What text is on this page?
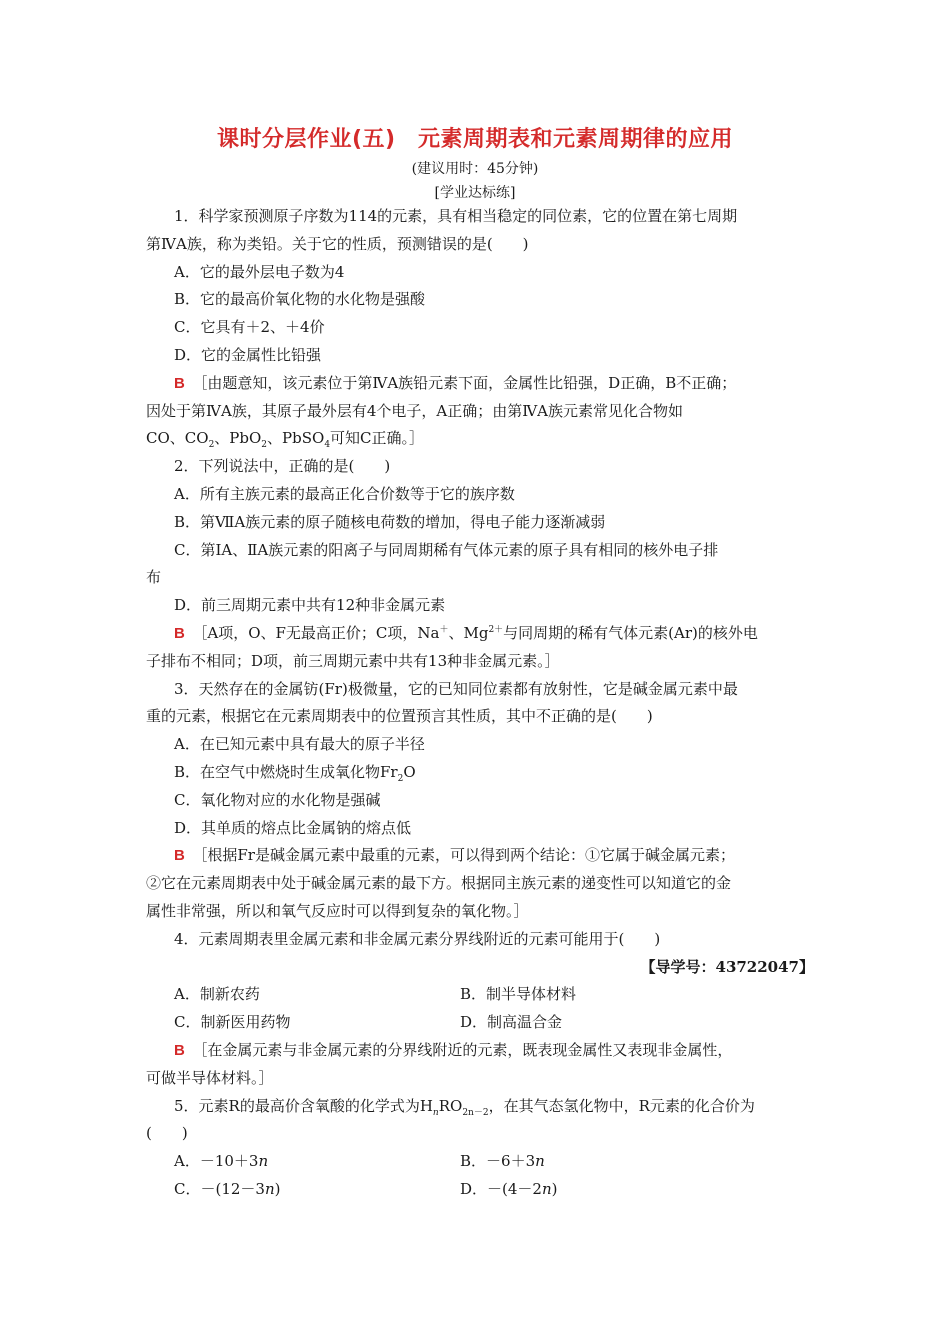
课时分层作业(五)　元素周期表和元素周期律的应用
(建议用时：45分钟)
[学业达标练]
1．科学家预测原子序数为114的元素，具有相当稳定的同位素，它的位置在第七周期
第ⅣA族，称为类铅。关于它的性质，预测错误的是(　　)
A．它的最外层电子数为4
B．它的最高价氧化物的水化物是强酸
C．它具有＋2、＋4价
D．它的金属性比铅强
B　 ［由题意知，该元素位于第ⅣA族铅元素下面，金属性比铅强，D正确，B不正确；
因处于第ⅣA族，其原子最外层有4个电子，A正确；由第ⅣA族元素常见化合物如
CO、$CO_2$、PbO$_2$、PbSO$_4$可知C正确。］
2．下列说法中，正确的是(　　)
A．所有主族元素的最高正化合价数等于它的族序数
B．第ⅦA族元素的原子随核电荷数的增加，得电子能力逐渐减弱
C．第ⅠA、ⅡA族元素的阳离子与同周期稀有气体元素的原子具有相同的核外电子排
布
D．前三周期元素中共有12种非金属元素
B　 ［A项，O、F无最高正价；C项，Na＋、$Mg^{2+}$与同周期的稀有气体元素(Ar)的核外电
子排布不相同；D项，前三周期元素中共有13种非金属元素。］
3．天然存在的金属钫(Fr)极微量，它的已知同位素都有放射性，它是碱金属元素中最
重的元素，根据它在元素周期表中的位置预言其性质，其中不正确的是(　　)
A．在已知元素中具有最大的原子半径
B．在空气中燃烧时生成氧化物$Fr_2O$
C．氧化物对应的水化物是强碱
D．其单质的熔点比金属钠的熔点低
B　 ［根据Fr是碱金属元素中最重的元素，可以得到两个结论：①它属于碱金属元素；
②它在元素周期表中处于碱金属元素的最下方。根据同主族元素的递变性可以知道它的金
属性非常强，所以和氧气反应时可以得到复杂的氧化物。］
4．元素周期表里金属元素和非金属元素分界线附近的元素可能用于(　　)
【导学号：43722047】
A．制新农药	B．制半导体材料
C．制新医用药物	D．制高温合金
B　 ［在金属元素与非金属元素的分界线附近的元素，既表现金属性又表现非金属性，
可做半导体材料。］
5．元素R的最高价含氧酸的化学式为$H_nRO_{2n-2}$，在其气态氢化物中，R元素的化合价为
(　　)
A．－10＋3n	B．－6＋3n
C．－(12－3n)	D．－(4－2n)
